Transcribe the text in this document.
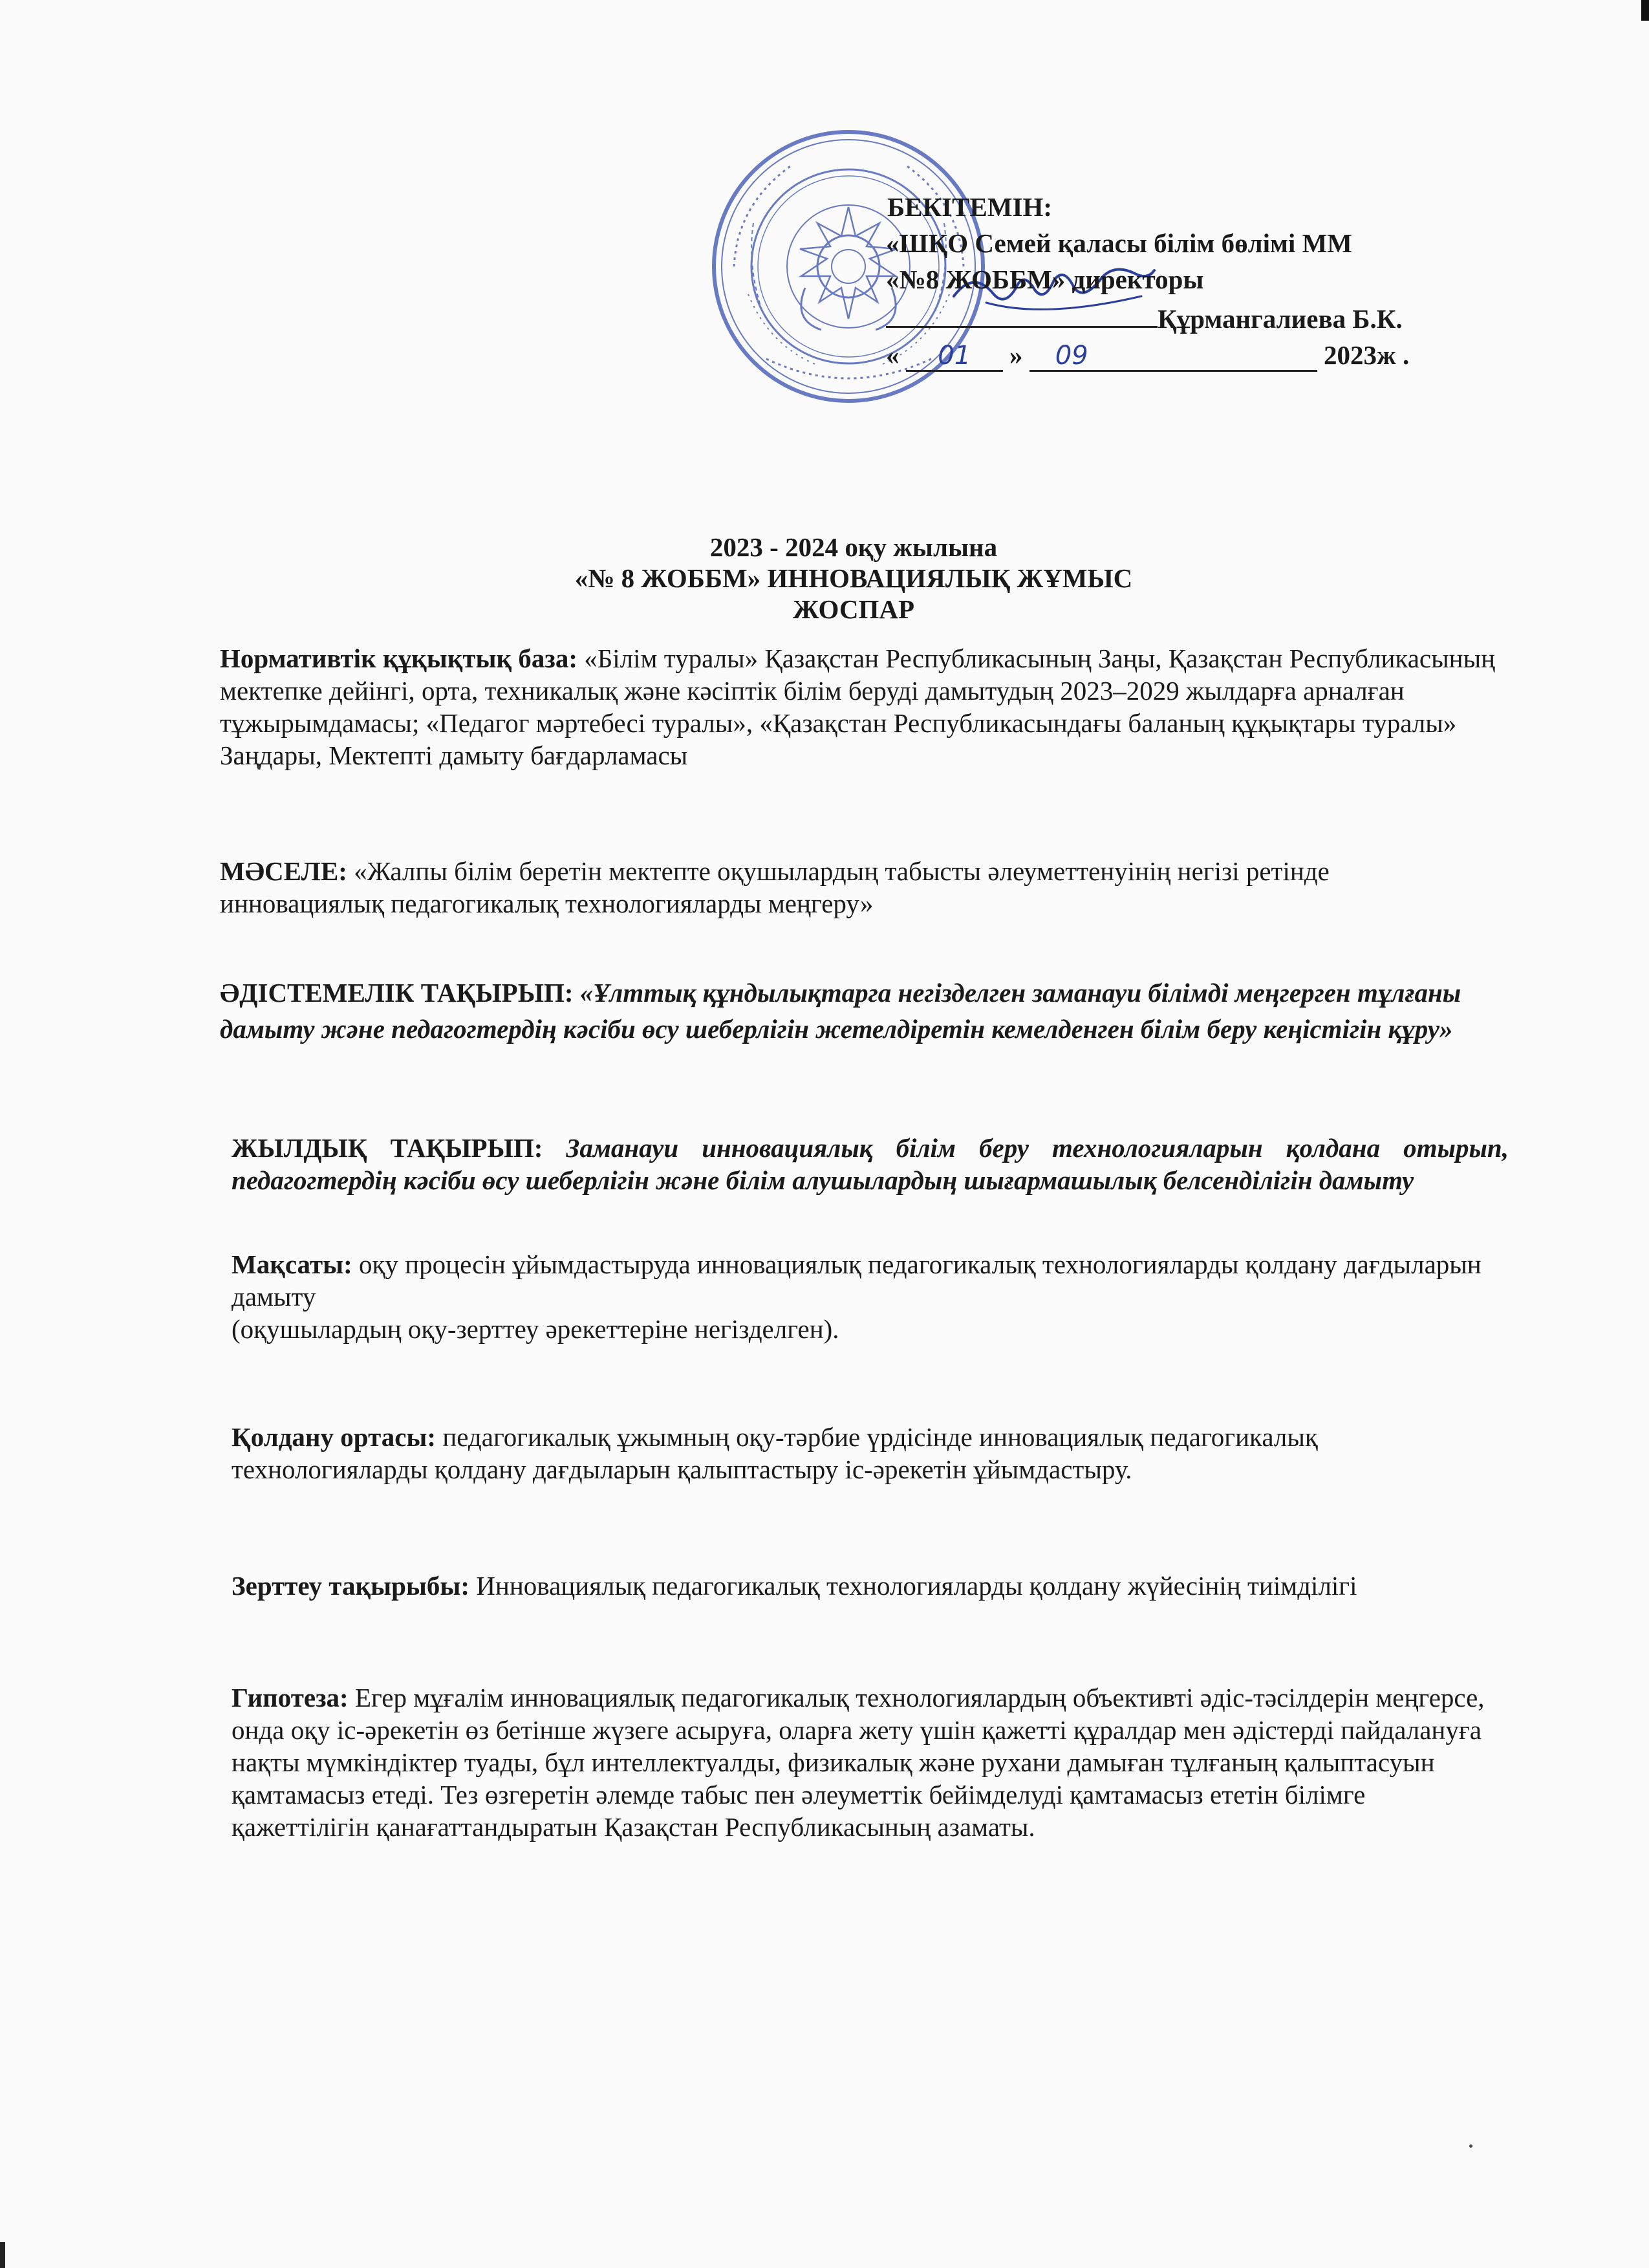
БЕКІТЕМІН:
«ШҚО Семей қаласы білім бөлімі ММ
«№8 ЖОББМ» директоры
Құрмангалиева Б.К.
« 01 » 09	2023ж .
2023 - 2024 оқу жылына
«№ 8 ЖОББМ» ИННОВАЦИЯЛЫҚ ЖҰМЫС
ЖОСПАР
Нормативтік құқықтық база: «Білім туралы» Қазақстан Республикасының Заңы, Қазақстан Республикасының мектепке дейінгі, орта, техникалық және кәсіптік білім беруді дамытудың 2023–2029 жылдарға арналған тұжырымдамасы; «Педагог мәртебесі туралы», «Қазақстан Республикасындағы баланың құқықтары туралы» Заңдары, Мектепті дамыту бағдарламасы
МӘСЕЛЕ: «Жалпы білім беретін мектепте оқушылардың табысты әлеуметтенуінің негізі ретінде инновациялық педагогикалық технологияларды меңгеру»
ӘДІСТЕМЕЛІК ТАҚЫРЫП: «Ұлттық құндылықтарга негізделген заманауи білімді меңгерген тұлғаны дамыту және педагогтердің кәсіби өсу шеберлігін жетелдіретін кемелденген білім беру кеңістігін құру»
ЖЫЛДЫҚ ТАҚЫРЫП: Заманауи инновациялық білім беру технологияларын қолдана отырып, педагогтердің кәсіби өсу шеберлігін және білім алушылардың шығармашылық белсенділігін дамыту
Мақсаты: оқу процесін ұйымдастыруда инновациялық педагогикалық технологияларды қолдану дағдыларын дамыту
(оқушылардың оқу-зерттеу әрекеттеріне негізделген).
Қолдану ортасы: педагогикалық ұжымның оқу-тәрбие үрдісінде инновациялық педагогикалық технологияларды қолдану дағдыларын қалыптастыру іс-әрекетін ұйымдастыру.
Зерттеу тақырыбы: Инновациялық педагогикалық технологияларды қолдану жүйесінің тиімділігі
Гипотеза: Егер мұғалім инновациялық педагогикалық технологиялардың объективті әдіс-тәсілдерін меңгерсе, онда оқу іс-әрекетін өз бетінше жүзеге асыруға, оларға жету үшін қажетті құралдар мен әдістерді пайдалануға нақты мүмкіндіктер туады, бұл интеллектуалды, физикалық және рухани дамыған тұлғаның қалыптасуын қамтамасыз етеді. Тез өзгеретін әлемде табыс пен әлеуметтік бейімделуді қамтамасыз ететін білімге қажеттілігін қанағаттандыратын Қазақстан Республикасының азаматы.
